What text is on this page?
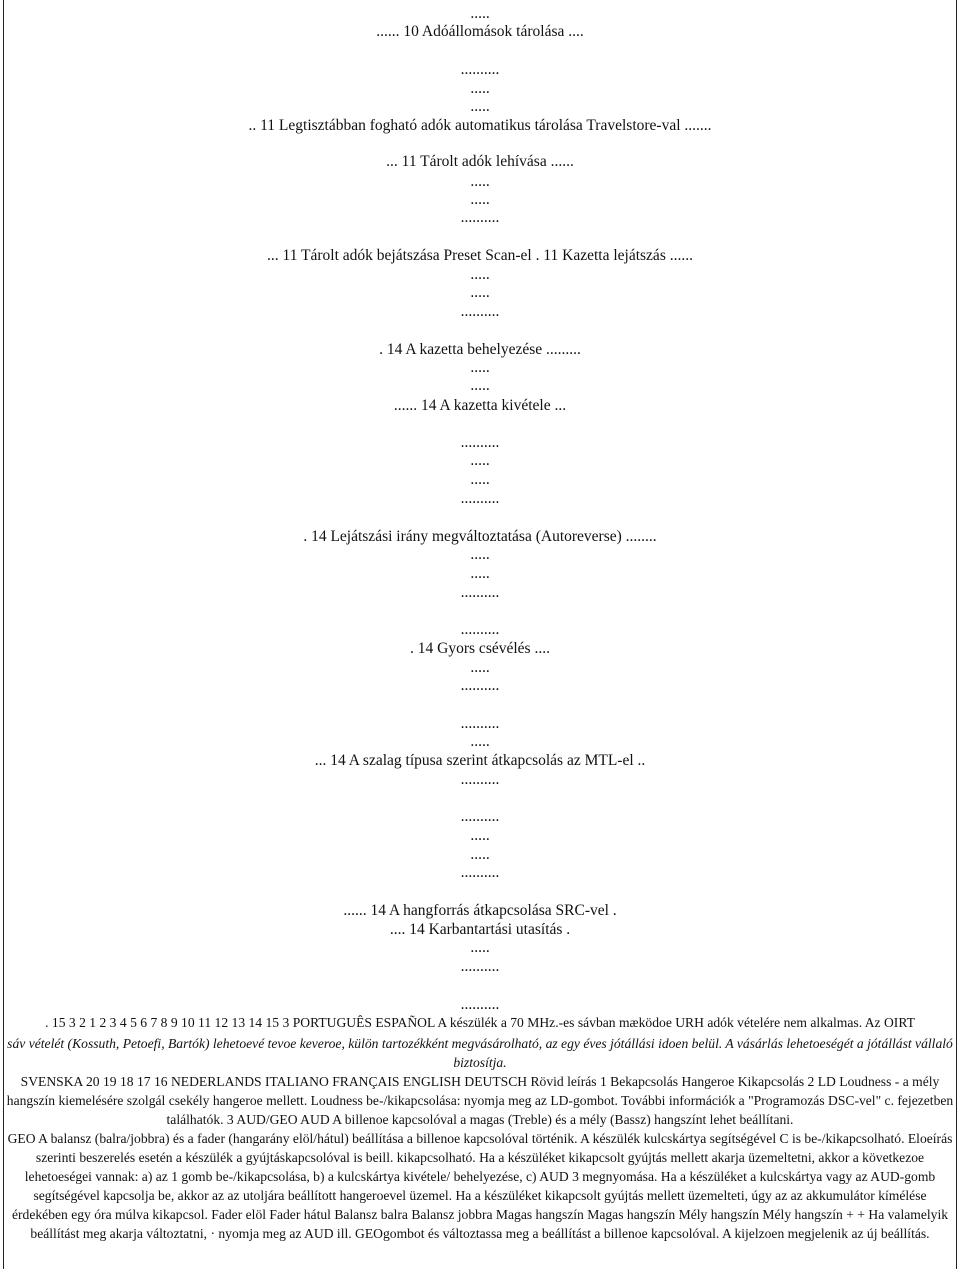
.....
...... 10 Adóállomások tárolása ....
..........
.....
.....
.. 11 Legtisztábban fogható adók automatikus tárolása Travelstore-val .......
... 11 Tárolt adók lehívása ......
.....
.....
..........
... 11 Tárolt adók bejátszása Preset Scan-el . 11 Kazetta lejátszás ......
.....
.....
..........
. 14 A kazetta behelyezése .........
.....
.....
...... 14 A kazetta kivétele ...
..........
.....
.....
..........
. 14 Lejátszási irány megváltoztatása (Autoreverse) ........
.....
.....
..........
..........
. 14 Gyors csévélés ....
.....
..........
..........
.....
... 14 A szalag típusa szerint átkapcsolás az MTL-el ..
..........
..........
.....
.....
..........
...... 14 A hangforrás átkapcsolása SRC-vel .
.... 14 Karbantartási utasítás .
.....
..........
..........
. 15 3 2 1 2 3 4 5 6 7 8 9 10 11 12 13 14 15 3 PORTUGUÊS ESPAÑOL A készülék a 70 MHz.-es sávban mæködoe URH adók vételére nem alkalmas. Az OIRT

sáv vételét (Kossuth, Petoefi, Bartók) lehetoevé tevoe keveroe, külön tartozékként megvásárolható, az egy éves jótállási idoen belül. A vásárlás lehetoeségét a jótállást vállaló biztosítja.

SVENSKA 20 19 18 17 16 NEDERLANDS ITALIANO FRANÇAIS ENGLISH DEUTSCH Rövid leírás 1 Bekapcsolás Hangeroe Kikapcsolás 2 LD Loudness - a mély hangszín kiemelésére szolgál csekély hangeroe mellett. Loudness be-/kikapcsolása: nyomja meg az LD-gombot. További információk a "Programozás DSC-vel" c. fejezetben találhatók. 3 AUD/GEO AUD A billenoe kapcsolóval a magas (Treble) és a mély (Bassz) hangszínt lehet beállítani.

GEO A balansz (balra/jobbra) és a fader (hangarány elöl/hátul) beállítása a billenoe kapcsolóval történik. A készülék kulcskártya segítségével C is be-/kikapcsolható. Eloeírás szerinti beszerelés esetén a készülék a gyújtáskapcsolóval is beill. kikapcsolható. Ha a készüléket kikapcsolt gyújtás mellett akarja üzemeltetni, akkor a következoe lehetoeségei vannak: a) az 1 gomb be-/kikapcsolása, b) a kulcskártya kivétele/ behelyezése, c) AUD 3 megnyomása. Ha a készüléket a kulcskártya vagy az AUD-gomb segítségével kapcsolja be, akkor az az utoljára beállított hangeroevel üzemel. Ha a készüléket kikapcsolt gyújtás mellett üzemelteti, úgy az az akkumulátor kímélése érdekében egy óra múlva kikapcsol. Fader elöl Fader hátul Balansz balra Balansz jobbra Magas hangszín Magas hangszín Mély hangszín Mély hangszín + + Ha valamelyik beállítást meg akarja változtatni, · nyomja meg az AUD ill. GEOgombot és változtassa meg a beállítást a billenoe kapcsolóval. A kijelzoen megjelenik az új beállítás.
